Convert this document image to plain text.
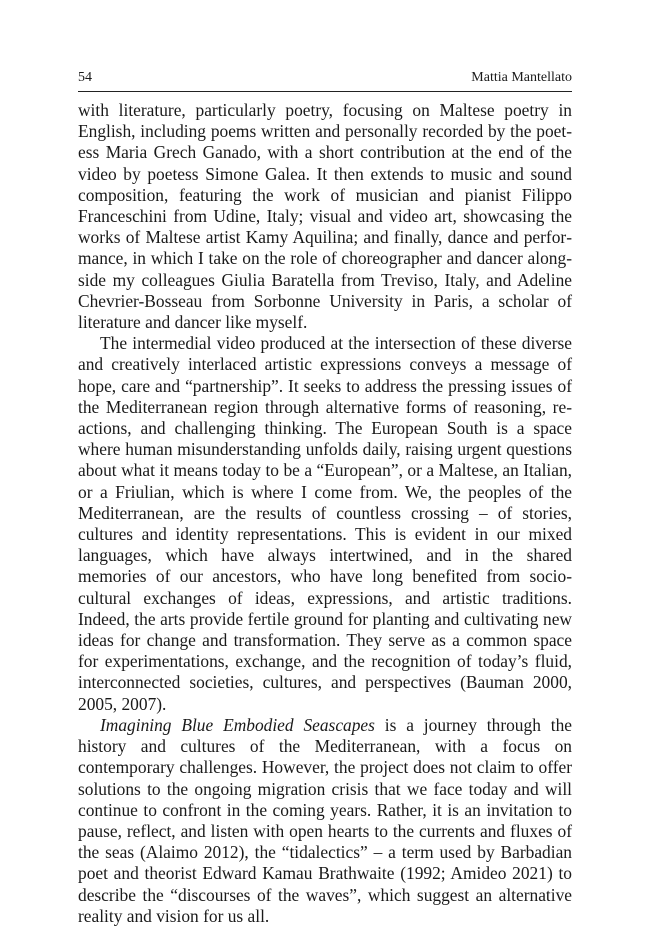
54	Mattia Mantellato

with literature, particularly poetry, focusing on Maltese poetry in English, including poems written and personally recorded by the poetess Maria Grech Ganado, with a short contribution at the end of the video by poetess Simone Galea. It then extends to music and sound composition, featuring the work of musician and pianist Filippo Franceschini from Udine, Italy; visual and video art, showcasing the works of Maltese artist Kamy Aquilina; and finally, dance and performance, in which I take on the role of choreographer and dancer alongside my colleagues Giulia Baratella from Treviso, Italy, and Adeline Chevrier-Bosseau from Sorbonne University in Paris, a scholar of literature and dancer like myself.

The intermedial video produced at the intersection of these diverse and creatively interlaced artistic expressions conveys a message of hope, care and “partnership”. It seeks to address the pressing issues of the Mediterranean region through alternative forms of reasoning, reactions, and challenging thinking. The European South is a space where human misunderstanding unfolds daily, raising urgent questions about what it means today to be a “European”, or a Maltese, an Italian, or a Friulian, which is where I come from. We, the peoples of the Mediterranean, are the results of countless crossing – of stories, cultures and identity representations. This is evident in our mixed languages, which have always intertwined, and in the shared memories of our ancestors, who have long benefited from socio-cultural exchanges of ideas, expressions, and artistic traditions. Indeed, the arts provide fertile ground for planting and cultivating new ideas for change and transformation. They serve as a common space for experimentations, exchange, and the recognition of today’s fluid, interconnected societies, cultures, and perspectives (Bauman 2000, 2005, 2007).

Imagining Blue Embodied Seascapes is a journey through the history and cultures of the Mediterranean, with a focus on contemporary challenges. However, the project does not claim to offer solutions to the ongoing migration crisis that we face today and will continue to confront in the coming years. Rather, it is an invitation to pause, reflect, and listen with open hearts to the currents and fluxes of the seas (Alaimo 2012), the “tidalectics” – a term used by Barbadian poet and theorist Edward Kamau Brathwaite (1992; Amideo 2021) to describe the “discourses of the waves”, which suggest an alternative reality and vision for us all.
